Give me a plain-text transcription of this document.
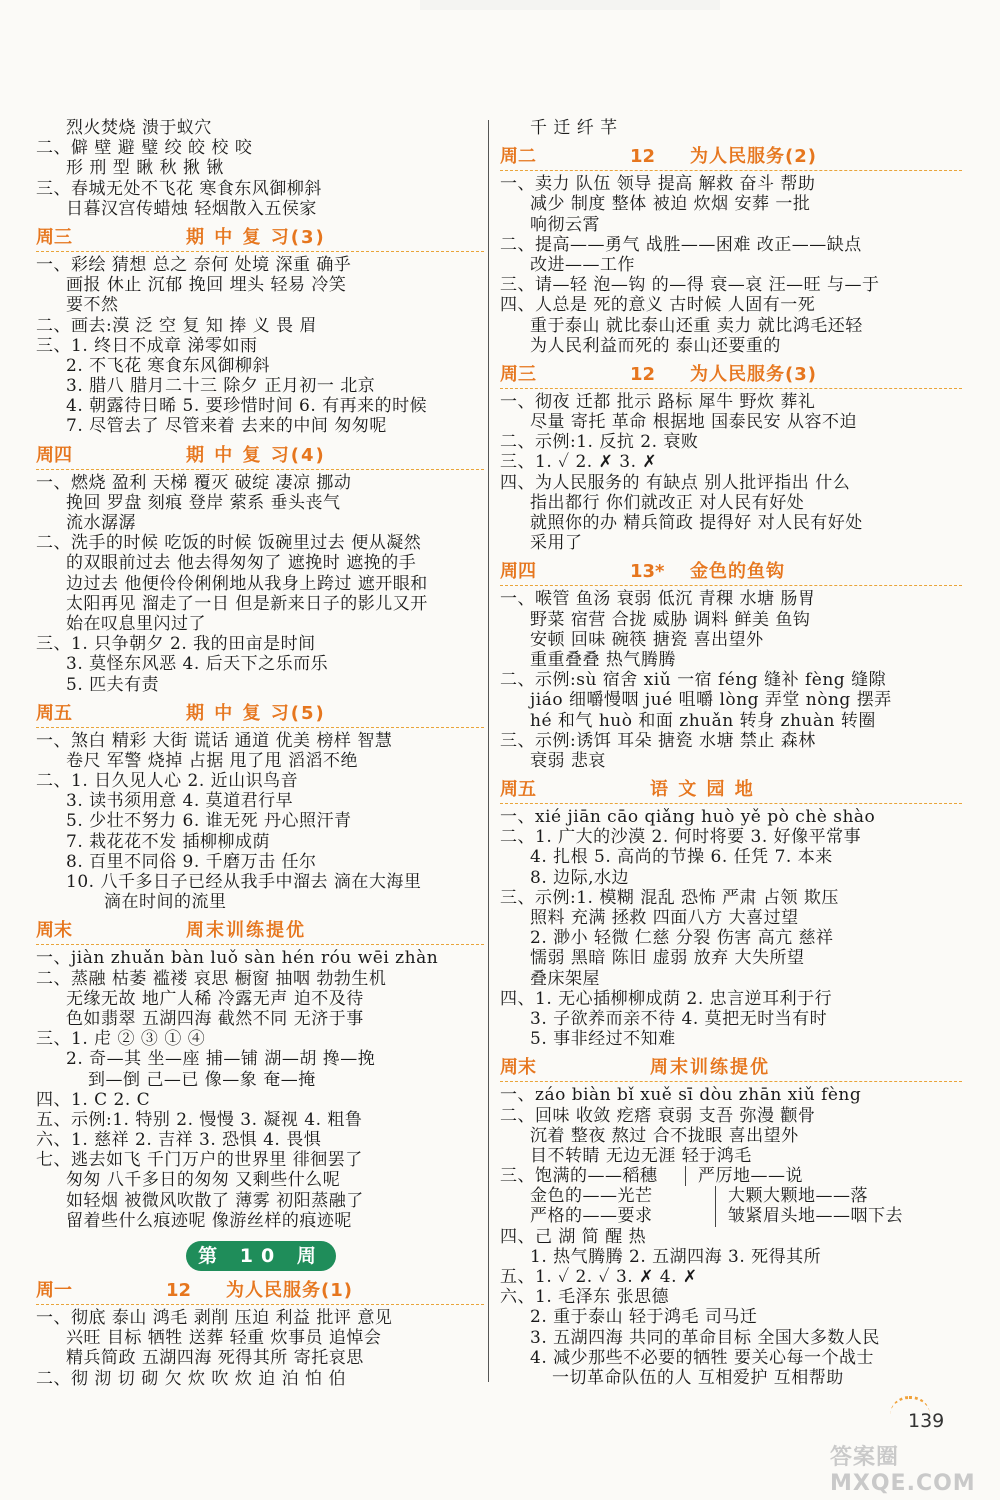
烈火焚烧 溃于蚁穴
二、僻 壁 避 璧 绞 皎 校 咬
形 刑 型 瞅 秋 揪 锹
三、春城无处不飞花 寒食东风御柳斜
日暮汉宫传蜡烛 轻烟散入五侯家
周三	期 中 复 习(3)
一、彩绘 猜想 总之 奈何 处境 深重 确乎
画报 休止 沉郁 挽回 埋头 轻易 冷笑
要不然
二、画去:漠 泛 空 复 知 捧 义 畏 眉
三、1. 终日不成章 涕零如雨
2. 不飞花 寒食东风御柳斜
3. 腊八 腊月二十三 除夕 正月初一 北京
4. 朝露待日晞 5. 要珍惜时间 6. 有再来的时候
7. 尽管去了 尽管来着 去来的中间 匆匆呢
周四	期 中 复 习(4)
一、燃烧 盈利 天梯 覆灭 破绽 凄凉 挪动
挽回 罗盘 刻痕 登岸 萦系 垂头丧气
流水潺潺
二、洗手的时候 吃饭的时候 饭碗里过去 便从凝然
的双眼前过去 他去得匆匆了 遮挽时 遮挽的手
边过去 他便伶伶俐俐地从我身上跨过 遮开眼和
太阳再见 溜走了一日 但是新来日子的影儿又开
始在叹息里闪过了
三、1. 只争朝夕 2. 我的田亩是时间
3. 莫怪东风恶 4. 后天下之乐而乐
5. 匹夫有责
周五	期 中 复 习(5)
一、煞白 精彩 大街 谎话 通道 优美 榜样 智慧
卷尺 军警 烧掉 占据 甩了甩 滔滔不绝
二、1. 日久见人心 2. 近山识鸟音
3. 读书须用意 4. 莫道君行早
5. 少壮不努力 6. 谁无死 丹心照汗青
7. 栽花花不发 插柳柳成荫
8. 百里不同俗 9. 千磨万击 任尔
10. 八千多日子已经从我手中溜去 滴在大海里
滴在时间的流里
周末	周末训练提优
一、jiàn zhuǎn bàn luǒ sàn hén róu wēi zhàn
二、蒸融 枯萎 褴褛 哀思 橱窗 抽咽 勃勃生机
无缘无故 地广人稀 冷露无声 迫不及待
色如翡翠 五湖四海 截然不同 无济于事
三、1. 虍 ② ③ ① ④
2. 奇—其 坐—座 捕—铺 湖—胡 搀—挽
到—倒 己—已 像—象 奄—掩
四、1. C 2. C
五、示例:1. 特别 2. 慢慢 3. 凝视 4. 粗鲁
六、1. 慈祥 2. 吉祥 3. 恐惧 4. 畏惧
七、逃去如飞 千门万户的世界里 徘徊罢了
匆匆 八千多日的匆匆 又剩些什么呢
如轻烟 被微风吹散了 薄雾 初阳蒸融了
留着些什么痕迹呢 像游丝样的痕迹呢
第 10 周
周一	12 为人民服务(1)
一、彻底 泰山 鸿毛 剥削 压迫 利益 批评 意见
兴旺 目标 牺牲 送葬 轻重 炊事员 追悼会
精兵简政 五湖四海 死得其所 寄托哀思
二、彻 沏 切 砌 欠 炊 吹 炊 迫 泊 怕 伯
千 迁 纤 芊
周二	12 为人民服务(2)
一、卖力 队伍 领导 提高 解救 奋斗 帮助
减少 制度 整体 被迫 炊烟 安葬 一批
响彻云霄
二、提高——勇气 战胜——困难 改正——缺点
改进——工作
三、请—轻 泡—钩 的—得 衰—哀 汪—旺 与—于
四、人总是 死的意义 古时候 人固有一死
重于泰山 就比泰山还重 卖力 就比鸿毛还轻
为人民利益而死的 泰山还要重的
周三	12 为人民服务(3)
一、彻夜 迁都 批示 路标 犀牛 野炊 葬礼
尽量 寄托 革命 根据地 国泰民安 从容不迫
二、示例:1. 反抗 2. 衰败
三、1. ✓ 2. ✗ 3. ✗
四、为人民服务的 有缺点 别人批评指出 什么
指出都行 你们就改正 对人民有好处
就照你的办 精兵简政 提得好 对人民有好处
采用了
周四	13* 金色的鱼钩
一、喉管 鱼汤 衰弱 低沉 青稞 水塘 肠胃
野菜 宿营 合拢 威胁 调料 鲜美 鱼钩
安顿 回味 碗筷 搪瓷 喜出望外
重重叠叠 热气腾腾
二、示例:sù 宿舍 xiǔ 一宿 féng 缝补 fèng 缝隙
jiáo 细嚼慢咽 jué 咀嚼 lòng 弄堂 nòng 摆弄
hé 和气 huò 和面 zhuǎn 转身 zhuàn 转圈
三、示例:诱饵 耳朵 搪瓷 水塘 禁止 森林
衰弱 悲哀
周五	语 文 园 地
一、xié jiān cāo qiǎng huò yě pò chè shào
二、1. 广大的沙漠 2. 何时将要 3. 好像平常事
4. 扎根 5. 高尚的节操 6. 任凭 7. 本来
8. 边际,水边
三、示例:1. 模糊 混乱 恐怖 严肃 占领 欺压
照料 充满 拯救 四面八方 大喜过望
2. 渺小 轻微 仁慈 分裂 伤害 高亢 慈祥
懦弱 黑暗 陈旧 虚弱 放弃 大失所望
叠床架屋
四、1. 无心插柳柳成荫 2. 忠言逆耳利于行
3. 子欲养而亲不待 4. 莫把无时当有时
5. 事非经过不知难
周末	周末训练提优
一、záo biàn bǐ xuě sī dòu zhān xiǔ fèng
二、回味 收敛 疙瘩 衰弱 支吾 弥漫 颧骨
沉着 整夜 熬过 合不拢眼 喜出望外
目不转睛 无边无涯 轻于鸿毛
三、饱满的——稻穗	严厉地——说
金色的——光芒	大颗大颗地——落
严格的——要求	皱紧眉头地——咽下去
四、己 湖 简 醒 热
1. 热气腾腾 2. 五湖四海 3. 死得其所
五、1. ✓ 2. ✓ 3. ✗ 4. ✗
六、1. 毛泽东 张思德
2. 重于泰山 轻于鸿毛 司马迁
3. 五湖四海 共同的革命目标 全国大多数人民
4. 减少那些不必要的牺牲 要关心每一个战士
一切革命队伍的人 互相爱护 互相帮助
139
答案圈 MXQE.COM
